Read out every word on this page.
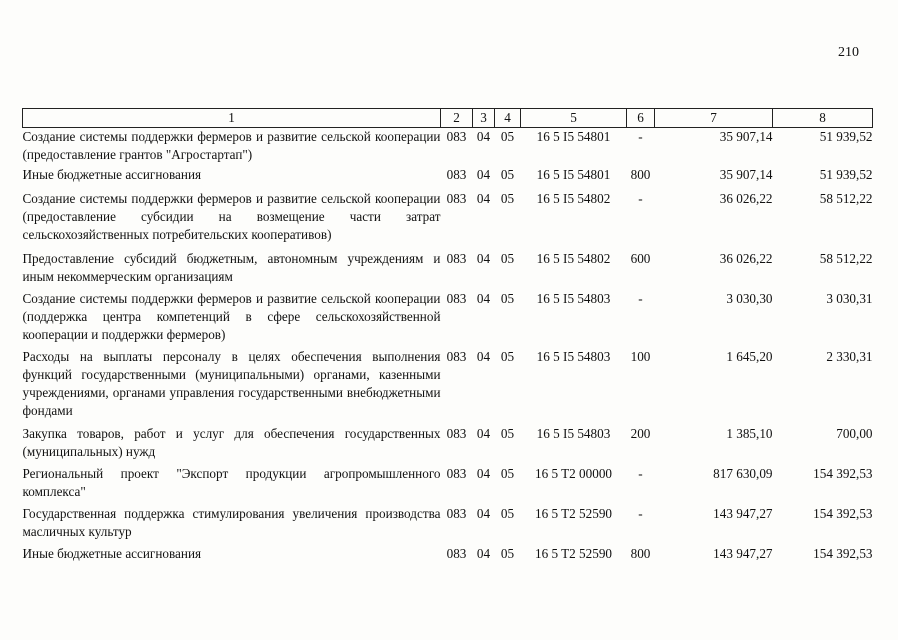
210
1	2	3	4	5	6	7	8
Создание системы поддержки фермеров и развитие сельской кооперации (предоставление грантов "Агростартап")	083	04	05	16 5 I5 54801	-	35 907,14	51 939,52
Иные бюджетные ассигнования	083	04	05	16 5 I5 54801	800	35 907,14	51 939,52
Создание системы поддержки фермеров и развитие сельской кооперации (предоставление субсидии на возмещение части затрат сельскохозяйственных потребительских кооперативов)	083	04	05	16 5 I5 54802	-	36 026,22	58 512,22
Предоставление субсидий бюджетным, автономным учреждениям и иным некоммерческим организациям	083	04	05	16 5 I5 54802	600	36 026,22	58 512,22
Создание системы поддержки фермеров и развитие сельской кооперации (поддержка центра компетенций в сфере сельскохозяйственной кооперации и поддержки фермеров)	083	04	05	16 5 I5 54803	-	3 030,30	3 030,31
Расходы на выплаты персоналу в целях обеспечения выполнения функций государственными (муниципальными) органами, казенными учреждениями, органами управления государственными внебюджетными фондами	083	04	05	16 5 I5 54803	100	1 645,20	2 330,31
Закупка товаров, работ и услуг для обеспечения государственных (муниципальных) нужд	083	04	05	16 5 I5 54803	200	1 385,10	700,00
Региональный проект "Экспорт продукции агропромышленного комплекса"	083	04	05	16 5 T2 00000	-	817 630,09	154 392,53
Государственная поддержка стимулирования увеличения производства масличных культур	083	04	05	16 5 T2 52590	-	143 947,27	154 392,53
Иные бюджетные ассигнования	083	04	05	16 5 T2 52590	800	143 947,27	154 392,53
